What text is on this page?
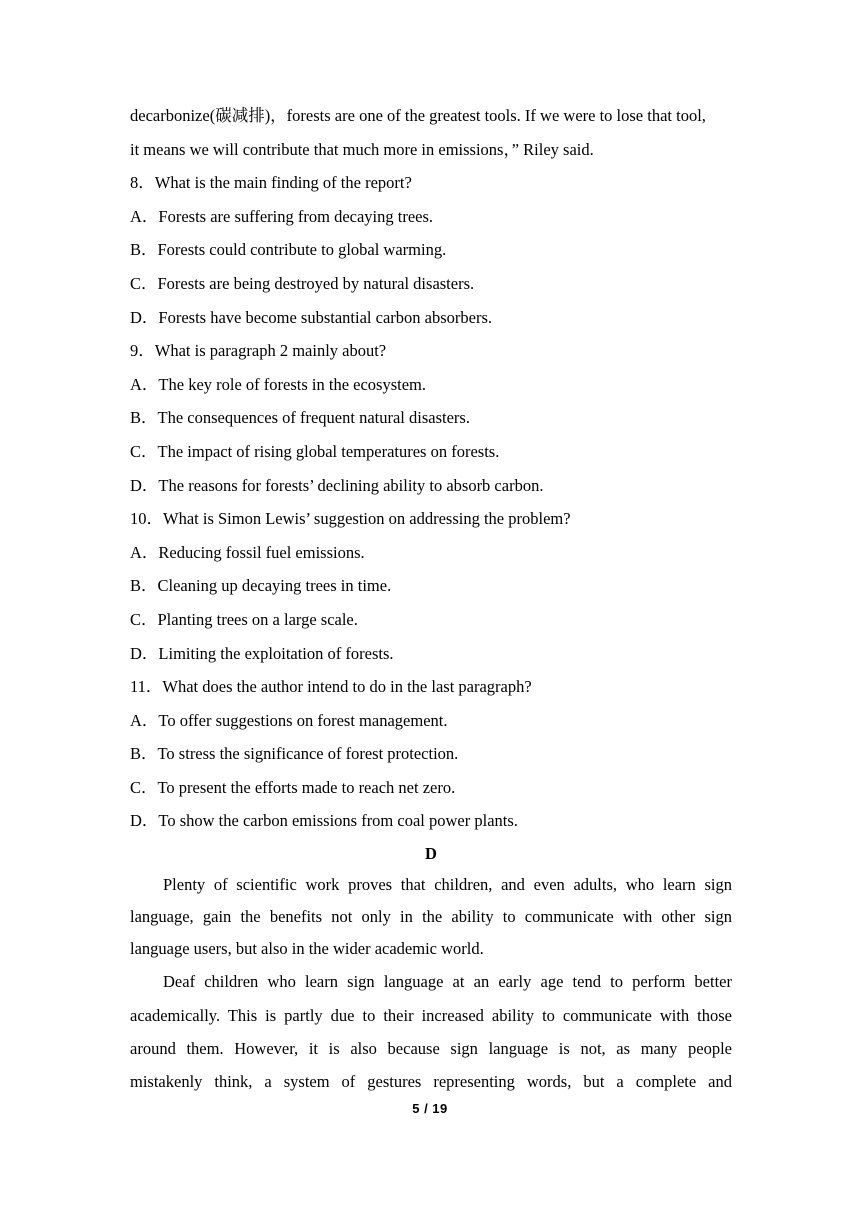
decarbonize(碳减排)，forests are one of the greatest tools. If we were to lose that tool,
it means we will contribute that much more in emissions，” Riley said.
8．What is the main finding of the report?
A．Forests are suffering from decaying trees.
B．Forests could contribute to global warming.
C．Forests are being destroyed by natural disasters.
D．Forests have become substantial carbon absorbers.
9．What is paragraph 2 mainly about?
A．The key role of forests in the ecosystem.
B．The consequences of frequent natural disasters.
C．The impact of rising global temperatures on forests.
D．The reasons for forests’ declining ability to absorb carbon.
10．What is Simon Lewis’ suggestion on addressing the problem?
A．Reducing fossil fuel emissions.
B．Cleaning up decaying trees in time.
C．Planting trees on a large scale.
D．Limiting the exploitation of forests.
11．What does the author intend to do in the last paragraph?
A．To offer suggestions on forest management.
B．To stress the significance of forest protection.
C．To present the efforts made to reach net zero.
D．To show the carbon emissions from coal power plants.
D
Plenty of scientific work proves that children, and even adults, who learn sign
language, gain the benefits not only in the ability to communicate with other sign
language users, but also in the wider academic world.
Deaf children who learn sign language at an early age tend to perform better
academically. This is partly due to their increased ability to communicate with those
around them. However, it is also because sign language is not, as many people
mistakenly think, a system of gestures representing words, but a complete and
5 / 19
